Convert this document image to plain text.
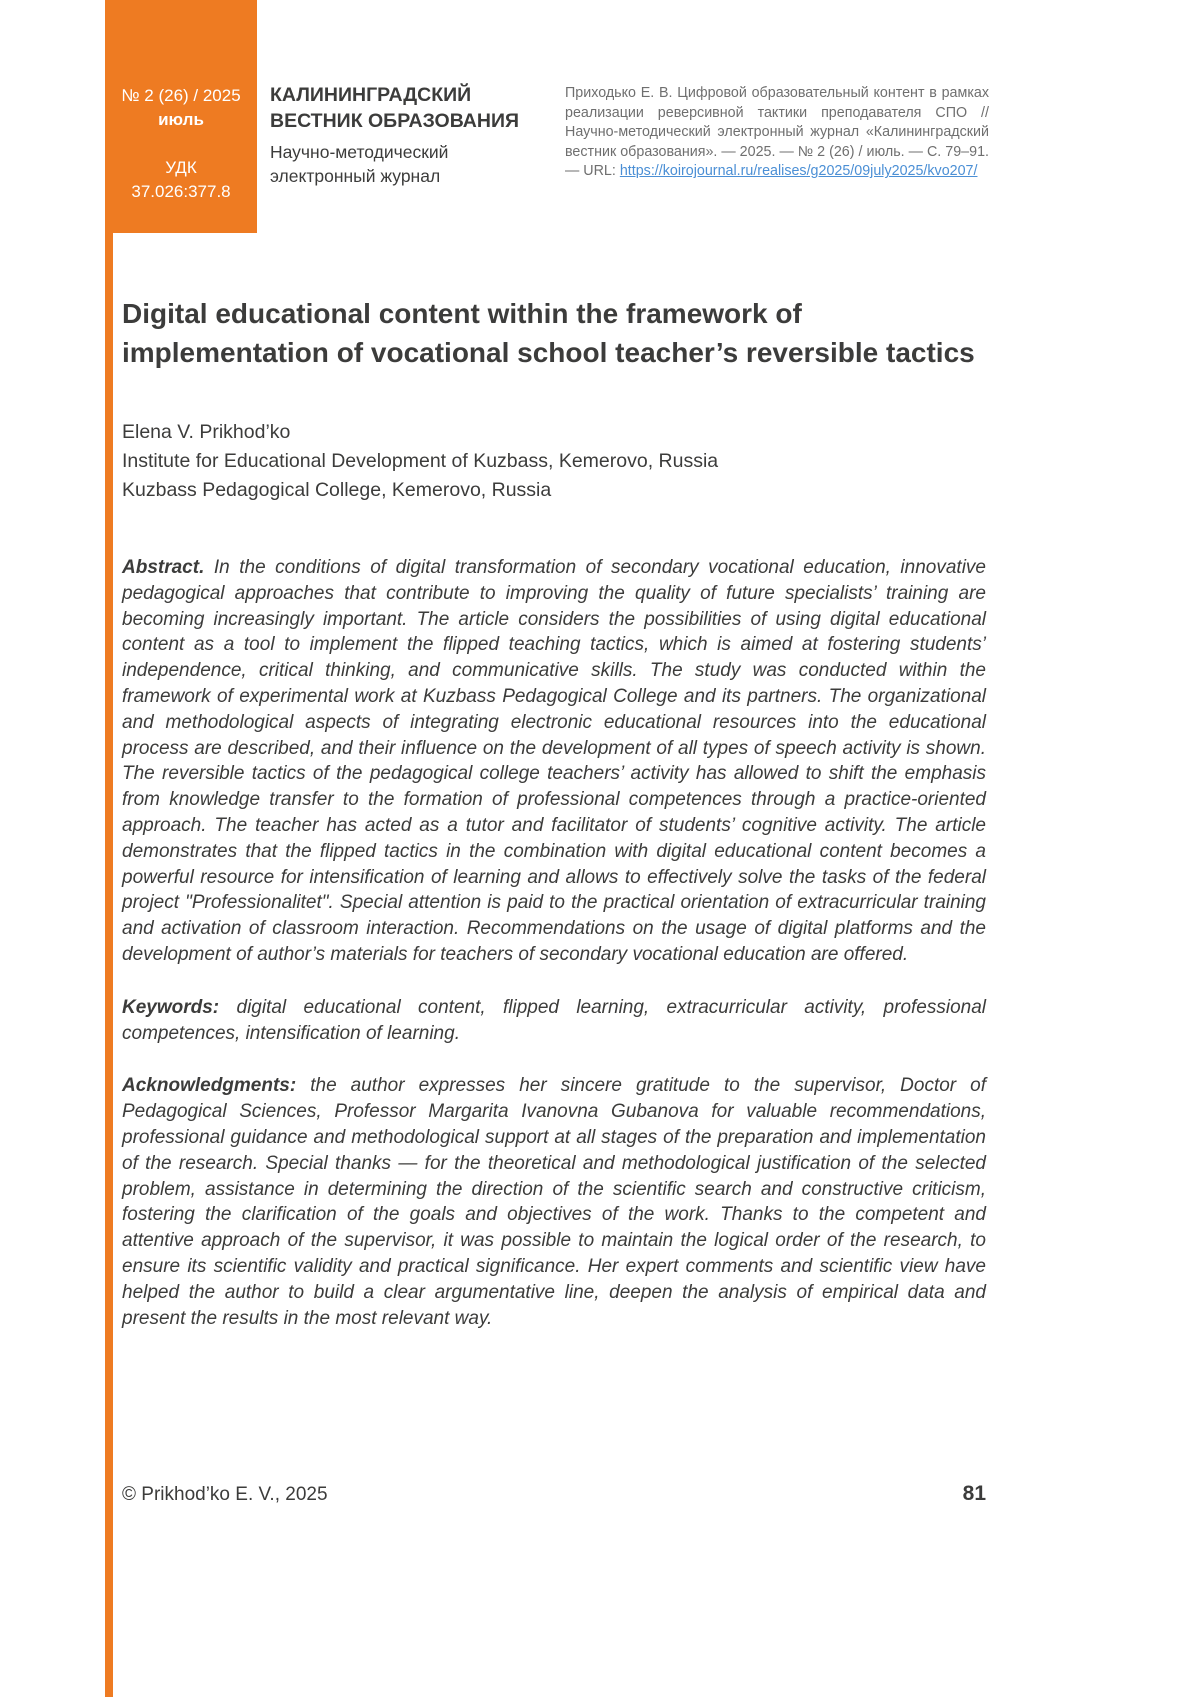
№ 2 (26) / 2025
июль
УДК
37.026:377.8
КАЛИНИНГРАДСКИЙ
ВЕСТНИК ОБРАЗОВАНИЯ
Научно-методический
электронный журнал
Приходько Е. В. Цифровой образовательный контент в рамках реализации реверсивной тактики преподавателя СПО // Научно-методический электронный журнал «Калининградский вестник образования». — 2025. — № 2 (26) / июль. — С. 79–91. — URL: https://koirojournal.ru/realises/g2025/09july2025/kvo207/
Digital educational content within the framework of implementation of vocational school teacher’s reversible tactics
Elena V. Prikhod’ko
Institute for Educational Development of Kuzbass, Kemerovo, Russia
Kuzbass Pedagogical College, Kemerovo, Russia

Abstract. In the conditions of digital transformation of secondary vocational education, innovative pedagogical approaches that contribute to improving the quality of future specialists’ training are becoming increasingly important. The article considers the possibilities of using digital educational content as a tool to implement the flipped teaching tactics, which is aimed at fostering students’ independence, critical thinking, and communicative skills. The study was conducted within the framework of experimental work at Kuzbass Pedagogical College and its partners. The organizational and methodological aspects of integrating electronic educational resources into the educational process are described, and their influence on the development of all types of speech activity is shown. The reversible tactics of the pedagogical college teachers’ activity has allowed to shift the emphasis from knowledge transfer to the formation of professional competences through a practice-oriented approach. The teacher has acted as a tutor and facilitator of students’ cognitive activity. The article demonstrates that the flipped tactics in the combination with digital educational content becomes a powerful resource for intensification of learning and allows to effectively solve the tasks of the federal project "Professionalitet". Special attention is paid to the practical orientation of extracurricular training and activation of classroom interaction. Recommendations on the usage of digital platforms and the development of author’s materials for teachers of secondary vocational education are offered.

Keywords: digital educational content, flipped learning, extracurricular activity, professional competences, intensification of learning.

Acknowledgments: the author expresses her sincere gratitude to the supervisor, Doctor of Pedagogical Sciences, Professor Margarita Ivanovna Gubanova for valuable recommendations, professional guidance and methodological support at all stages of the preparation and implementation of the research. Special thanks — for the theoretical and methodological justification of the selected problem, assistance in determining the direction of the scientific search and constructive criticism, fostering the clarification of the goals and objectives of the work. Thanks to the competent and attentive approach of the supervisor, it was possible to maintain the logical order of the research, to ensure its scientific validity and practical significance. Her expert comments and scientific view have helped the author to build a clear argumentative line, deepen the analysis of empirical data and present the results in the most relevant way.

© Prikhod’ko E. V., 2025	81
